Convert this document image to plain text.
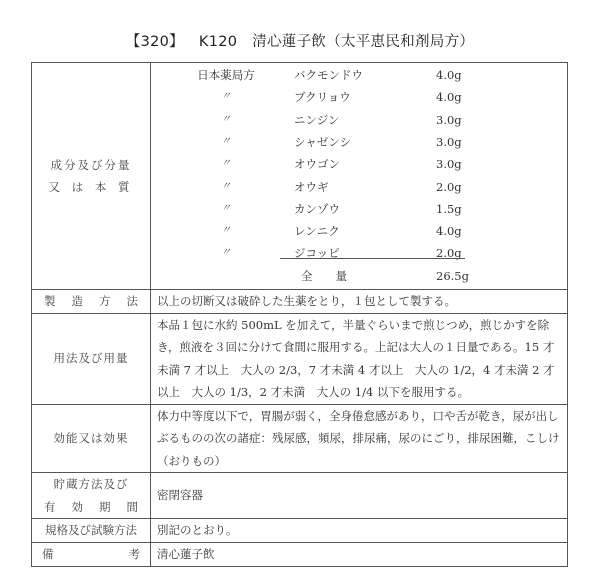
【320】 K120 清心蓮子飲（太平恵民和剤局方）
成分及び分量
又 は 本 質

日本薬局方	バクモンドウ	4.0g
〃	ブクリョウ	4.0g
〃	ニンジン	3.0g
〃	シャゼンシ	3.0g
〃	オウゴン	3.0g
〃	オウギ	2.0g
〃	カンゾウ	1.5g
〃	レンニク	4.0g
〃	ジコッピ	2.0g
全　　量	26.5g

製 造 方 法	以上の切断又は破砕した生薬をとり，１包として製する。
用法及び用量	本品１包に水約 500mL を加えて，半量ぐらいまで煎じつめ，煎じかすを除き，煎液を３回に分けて食間に服用する。上記は大人の１日量である。15 才未満 7 才以上　大人の 2/3，7 才未満 4 才以上　大人の 1/2，4 才未満 2 才以上　大人の 1/3，2 才未満　大人の 1/4 以下を服用する。
効能又は効果	体力中等度以下で，胃腸が弱く，全身倦怠感があり，口や舌が乾き，尿が出しぶるものの次の諸症：残尿感，頻尿，排尿痛，尿のにごり，排尿困難，こしけ（おりもの）

貯蔵方法及び
有 効 期 間	密閉容器
規格及び試験方法	別記のとおり。

備 考	清心蓮子飲
